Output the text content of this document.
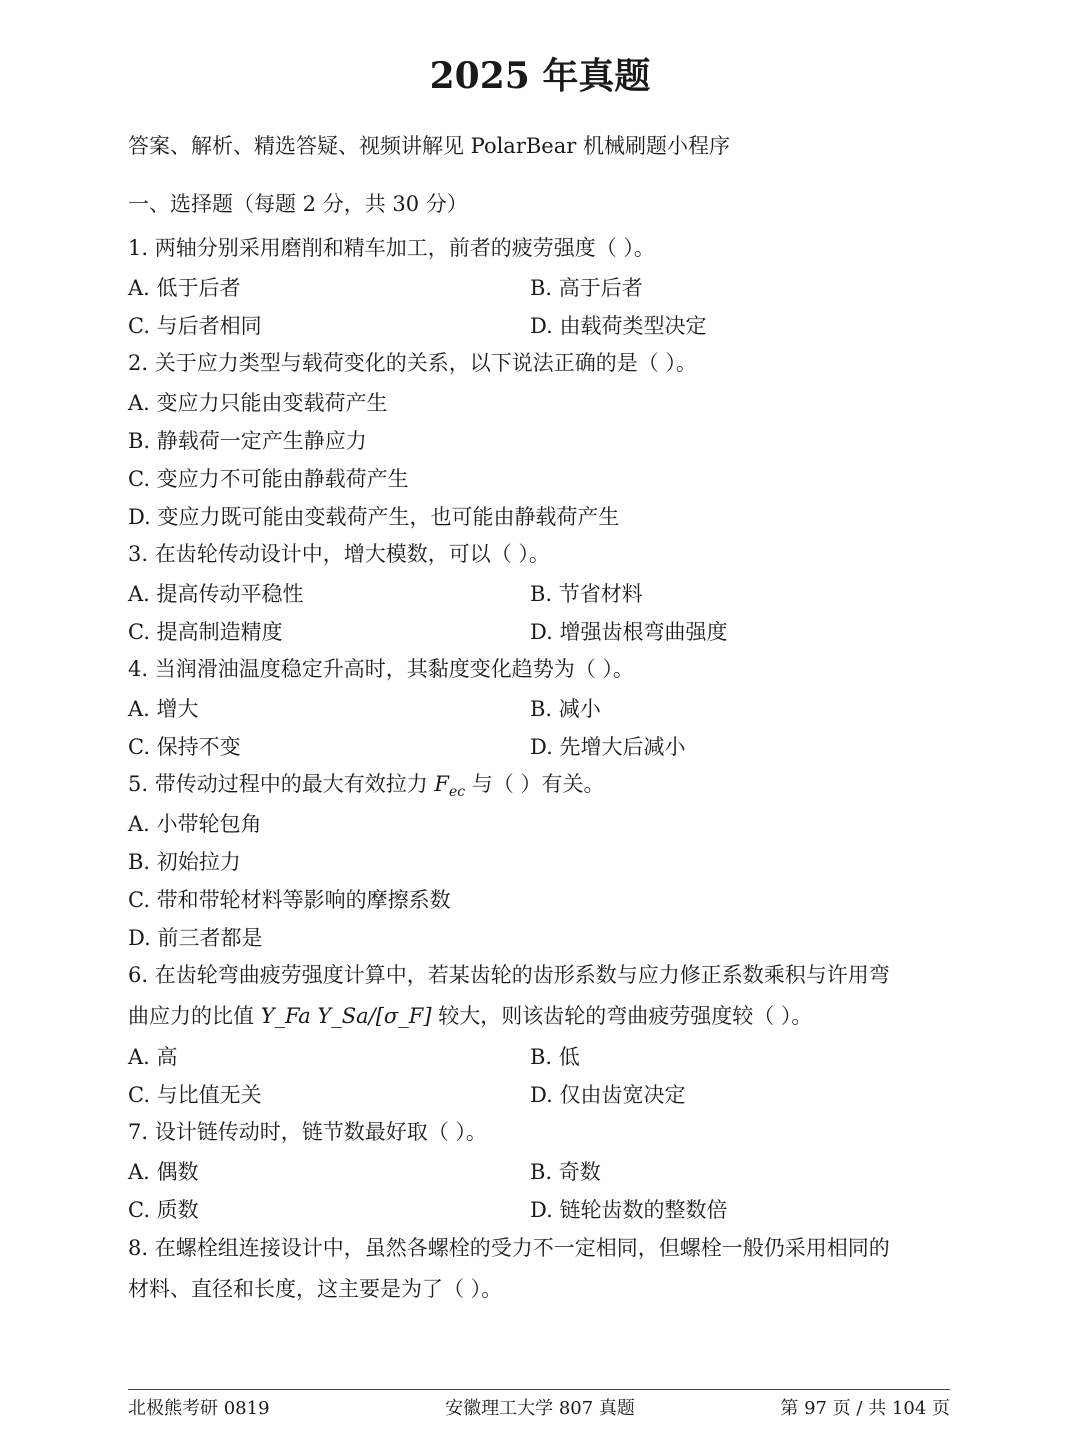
2025 年真题
答案、解析、精选答疑、视频讲解见 PolarBear 机械刷题小程序
一、选择题（每题 2 分，共 30 分）
1. 两轴分别采用磨削和精车加工，前者的疲劳强度（ ）。
A. 低于后者	B. 高于后者
C. 与后者相同	D. 由载荷类型决定
2. 关于应力类型与载荷变化的关系，以下说法正确的是（ ）。
A. 变应力只能由变载荷产生
B. 静载荷一定产生静应力
C. 变应力不可能由静载荷产生
D. 变应力既可能由变载荷产生，也可能由静载荷产生
3. 在齿轮传动设计中，增大模数，可以（ ）。
A. 提高传动平稳性	B. 节省材料
C. 提高制造精度	D. 增强齿根弯曲强度
4. 当润滑油温度稳定升高时，其黏度变化趋势为（ ）。
A. 增大	B. 减小
C. 保持不变	D. 先增大后减小
5. 带传动过程中的最大有效拉力 $F_{ec}$ 与（ ）有关。
A. 小带轮包角
B. 初始拉力
C. 带和带轮材料等影响的摩擦系数
D. 前三者都是
6. 在齿轮弯曲疲劳强度计算中，若某齿轮的齿形系数与应力修正系数乘积与许用弯
曲应力的比值 Y_Fa Y_Sa/[σ_F] 较大，则该齿轮的弯曲疲劳强度较（ ）。
A. 高	B. 低
C. 与比值无关	D. 仅由齿宽决定
7. 设计链传动时，链节数最好取（ ）。
A. 偶数	B. 奇数
C. 质数	D. 链轮齿数的整数倍
8. 在螺栓组连接设计中，虽然各螺栓的受力不一定相同，但螺栓一般仍采用相同的
材料、直径和长度，这主要是为了（ ）。
北极熊考研 0819	安徽理工大学 807 真题	第 97 页 / 共 104 页
